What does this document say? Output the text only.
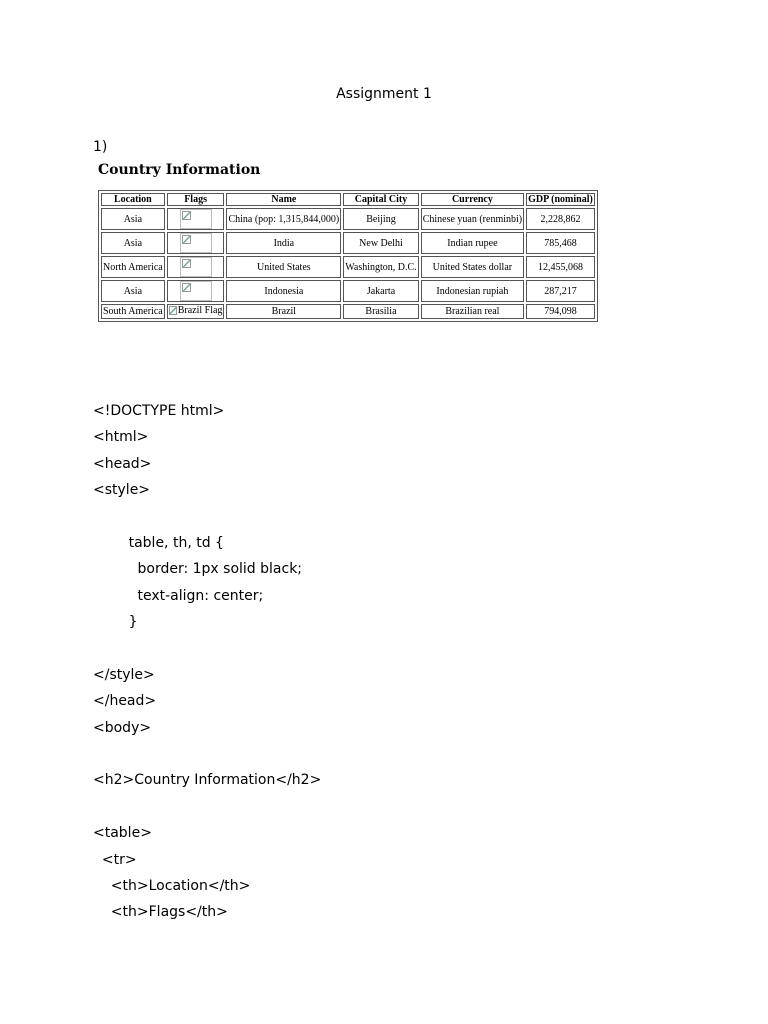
Assignment 1
1)
Country Information
Location	Flags	Name	Capital City	Currency	GDP (nominal)
Asia		China (pop: 1,315,844,000)	Beijing	Chinese yuan (renminbi)	2,228,862
Asia		India	New Delhi	Indian rupee	785,468
North America		United States	Washington, D.C.	United States dollar	12,455,068
Asia		Indonesia	Jakarta	Indonesian rupiah	287,217
South America	Brazil Flag	Brazil	Brasilia	Brazilian real	794,098
<!DOCTYPE html>
<html>
<head>
<style>
table, th, td {
border: 1px solid black;
text-align: center;
}
</style>
</head>
<body>
<h2>Country Information</h2>
<table>
<tr>
<th>Location</th>
<th>Flags</th>
